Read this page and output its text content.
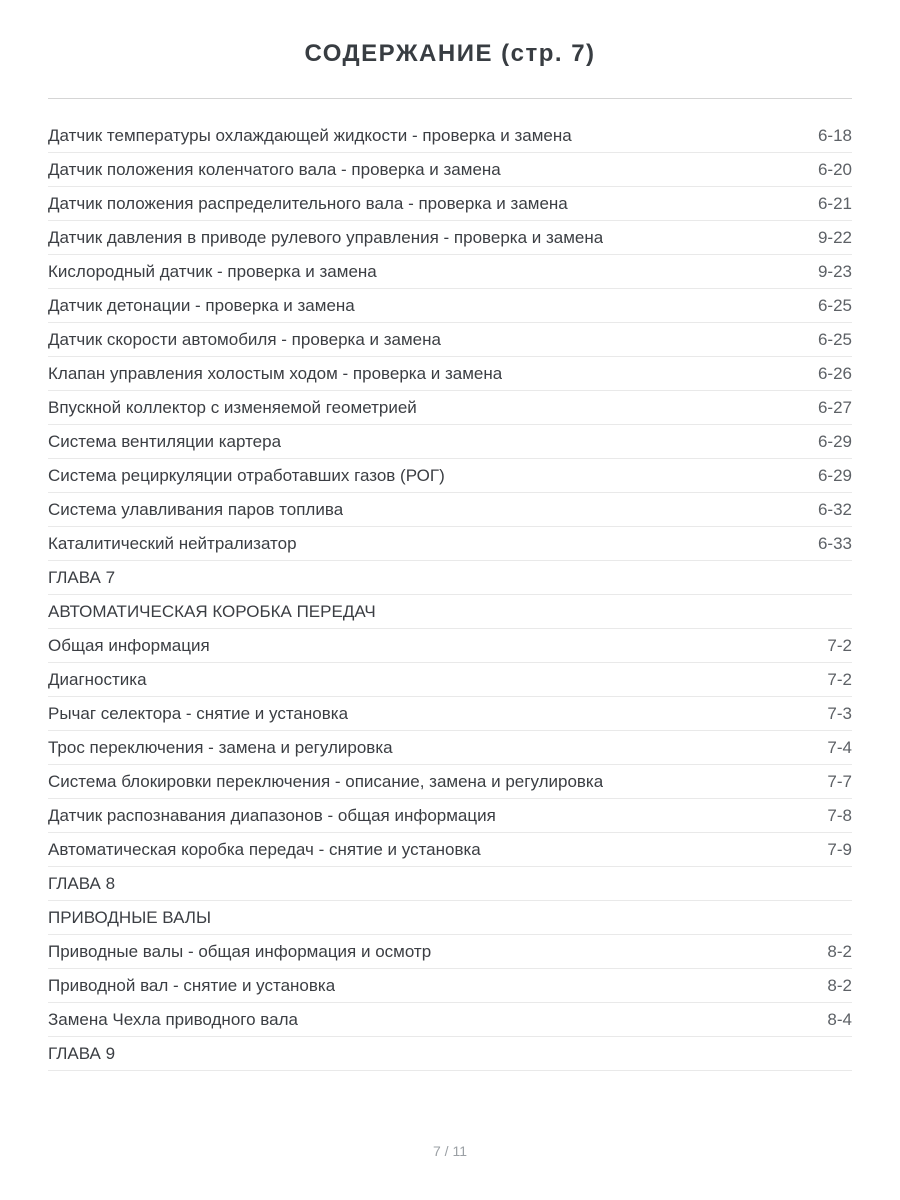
СОДЕРЖАНИЕ (стр. 7)
Датчик температуры охлаждающей жидкости - проверка и замена	6-18
Датчик положения коленчатого вала - проверка и замена	6-20
Датчик положения распределительного вала - проверка и замена	6-21
Датчик давления в приводе рулевого управления - проверка и замена	9-22
Кислородный датчик - проверка и замена	9-23
Датчик детонации - проверка и замена	6-25
Датчик скорости автомобиля - проверка и замена	6-25
Клапан управления холостым ходом - проверка и замена	6-26
Впускной коллектор с изменяемой геометрией	6-27
Система вентиляции картера	6-29
Система рециркуляции отработавших газов (РОГ)	6-29
Система улавливания паров топлива	6-32
Каталитический нейтрализатор	6-33
ГЛАВА 7
АВТОМАТИЧЕСКАЯ КОРОБКА ПЕРЕДАЧ
Общая информация	7-2
Диагностика	7-2
Рычаг селектора - снятие и установка	7-3
Трос переключения - замена и регулировка	7-4
Система блокировки переключения - описание, замена и регулировка	7-7
Датчик распознавания диапазонов - общая информация	7-8
Автоматическая коробка передач - снятие и установка	7-9
ГЛАВА 8
ПРИВОДНЫЕ ВАЛЫ
Приводные валы - общая информация и осмотр	8-2
Приводной вал - снятие и установка	8-2
Замена Чехла приводного вала	8-4
ГЛАВА 9
7 / 11
